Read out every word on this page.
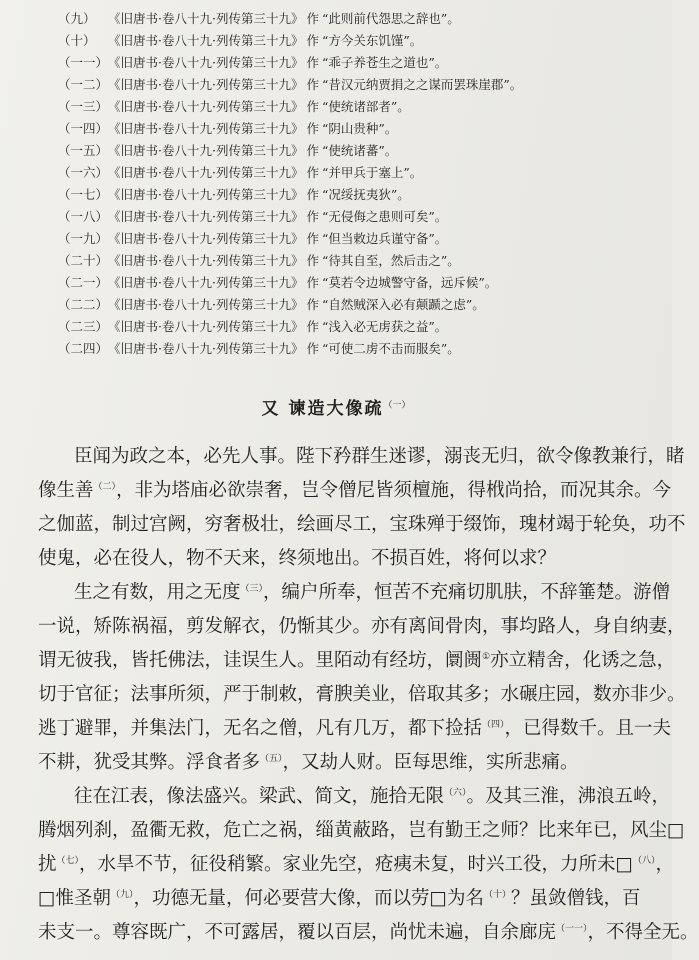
（九） 《旧唐书·卷八十九·列传第三十九》 作 “此则前代怨思之辞也”。
（十） 《旧唐书·卷八十九·列传第三十九》 作 “方今关东饥馑”。
（一一） 《旧唐书·卷八十九·列传第三十九》 作 “乖子养苍生之道也”。
（一二） 《旧唐书·卷八十九·列传第三十九》 作 “昔汉元纳贾捐之之谋而罢珠崖郡”。
（一三） 《旧唐书·卷八十九·列传第三十九》 作 “使统诸部者”。
（一四） 《旧唐书·卷八十九·列传第三十九》 作 “阴山贵种”。
（一五） 《旧唐书·卷八十九·列传第三十九》 作 “使统诸蕃”。
（一六） 《旧唐书·卷八十九·列传第三十九》 作 “并甲兵于塞上”。
（一七） 《旧唐书·卷八十九·列传第三十九》 作 “况绥抚夷狄”。
（一八） 《旧唐书·卷八十九·列传第三十九》 作 “无侵侮之患则可矣”。
（一九） 《旧唐书·卷八十九·列传第三十九》 作 “但当敕边兵谨守备”。
（二十） 《旧唐书·卷八十九·列传第三十九》 作 “待其自至，然后击之”。
（二一） 《旧唐书·卷八十九·列传第三十九》 作 “莫若令边城警守备，远斥候”。
（二二） 《旧唐书·卷八十九·列传第三十九》 作 “自然贼深入必有颠踬之虑”。
（二三） 《旧唐书·卷八十九·列传第三十九》 作 “浅入必无虏获之益”。
（二四） 《旧唐书·卷八十九·列传第三十九》 作 “可使二虏不击而服矣”。
又 谏造大像疏$^{(一)}$
臣闻为政之本，必先人事。陛下矜群生迷谬，溺丧无归，欲令像教兼行，睹
像生善$^{(二)}$，非为塔庙必欲崇奢，岂令僧尼皆须檀施，得栰尚拾，而况其余。今
之伽蓝，制过宫阙，穷奢极壮，绘画尽工，宝珠殚于缀饰，瑰材竭于轮奂，功不
使鬼，必在役人，物不天来，终须地出。不损百姓，将何以求？
生之有数，用之无度$^{(三)}$，编户所奉，恒苦不充痛切肌肤，不辞箠楚。游僧
一说，矫陈祸福，剪发解衣，仍惭其少。亦有离间骨肉，事均路人，身自纳妻，
谓无彼我，皆托佛法，诖误生人。里陌动有经坊，阛阓①亦立精舍，化诱之急，
切于官征；法事所须，严于制敕，膏腴美业，倍取其多；水碾庄园，数亦非少。
逃丁避罪，并集法门，无名之僧，凡有几万，都下捡括$^{(四)}$，已得数千。且一夫
不耕，犹受其弊。浮食者多$^{(五)}$，又劫人财。臣每思维，实所悲痛。
往在江表，像法盛兴。梁武、简文，施拾无限$^{(六)}$。及其三淮，沸浪五岭，
腾烟列刹，盈衢无救，危亡之祸，缁黄蔽路，岂有勤王之师？比来年已，风尘□
扰$^{(七)}$，水旱不节，征役稍繁。家业先空，疮痍未复，时兴工役，力所未□$^{(八)}$，
□惟圣朝$^{(九)}$，功德无量，何必要营大像，而以劳□为名$^{(十)}$？虽敛僧钱，百
未支一。尊容既广，不可露居，覆以百层，尚忧未遍，自余廊庑$^{(一一)}$，不得全无。
